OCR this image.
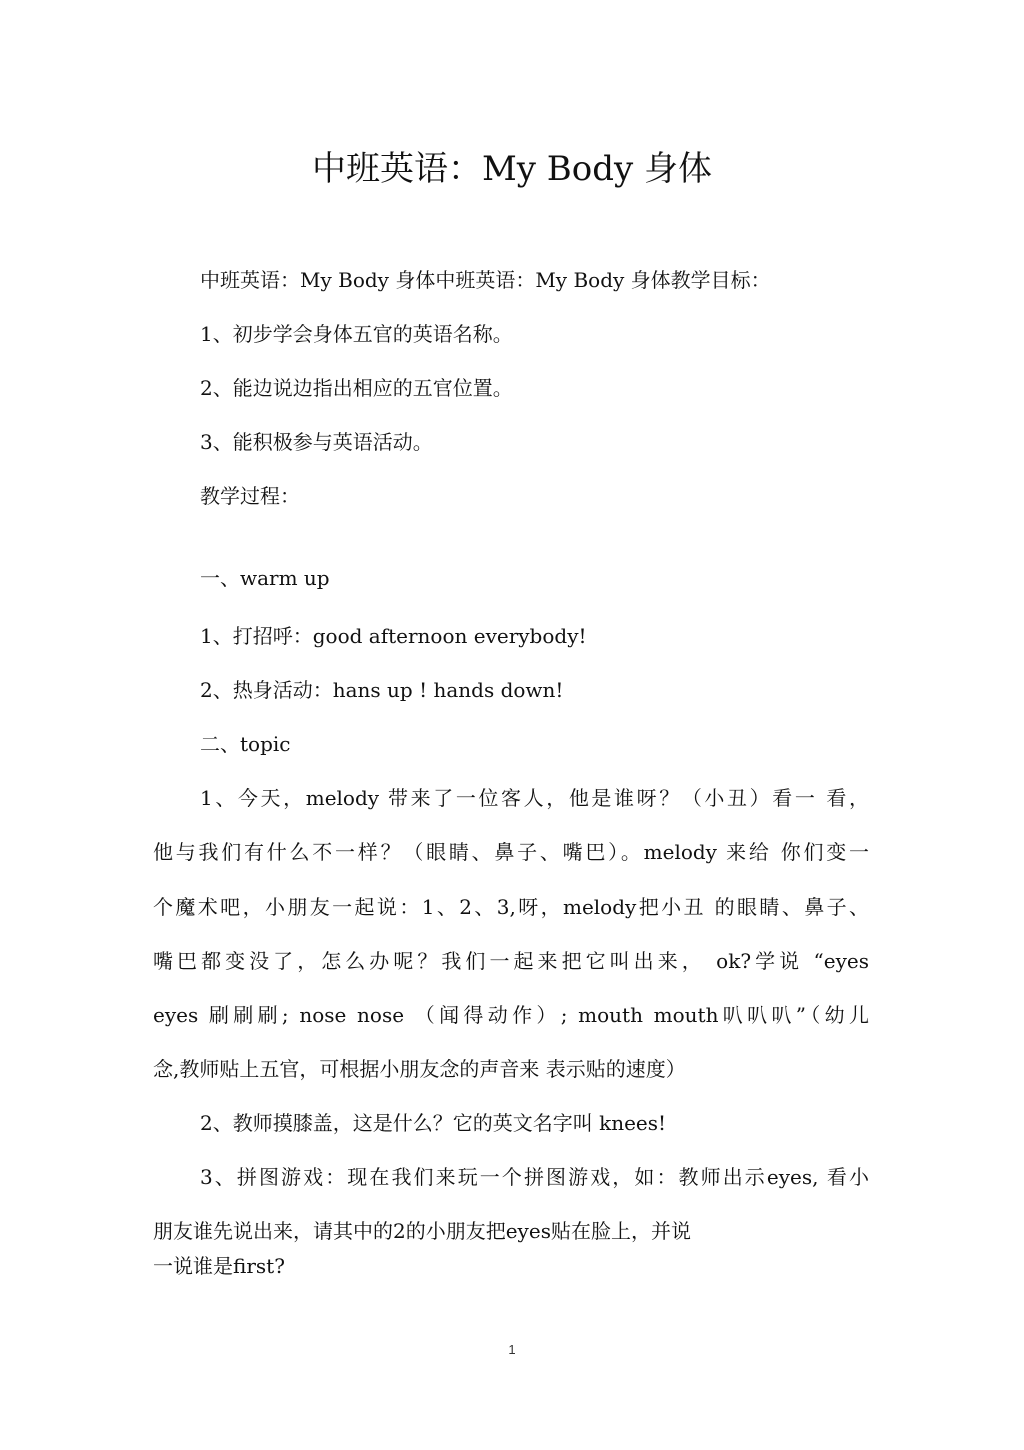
中班英语：My Body 身体
中班英语：My Body 身体中班英语：My Body 身体教学目标：
1、初步学会身体五官的英语名称。
2、能边说边指出相应的五官位置。
3、能积极参与英语活动。
教学过程：
一、warm up
1、打招呼：good afternoon everybody!
2、热身活动：hans up ! hands down!
二、topic
1、今天，melody 带来了一位客人，他是谁呀？（小丑）看一 看，
他与我们有什么不一样？（眼睛、鼻子、嘴巴）。melody 来给 你们变一
个魔术吧，小朋友一起说：1、2、3,呀，melody把小丑 的眼睛、鼻子、
嘴巴都变没了，怎么办呢？我们一起来把它叫出来， ok?学说 “eyes
eyes 刷刷刷; nose nose （闻得动作）; mouth mouth叭叭叭”（幼儿
念,教师贴上五官，可根据小朋友念的声音来 表示贴的速度）
2、教师摸膝盖，这是什么？它的英文名字叫 knees!
3、拼图游戏：现在我们来玩一个拼图游戏，如：教师出示eyes, 看小
朋友谁先说出来，请其中的2的小朋友把eyes贴在脸上，并说
一说谁是first?
1
